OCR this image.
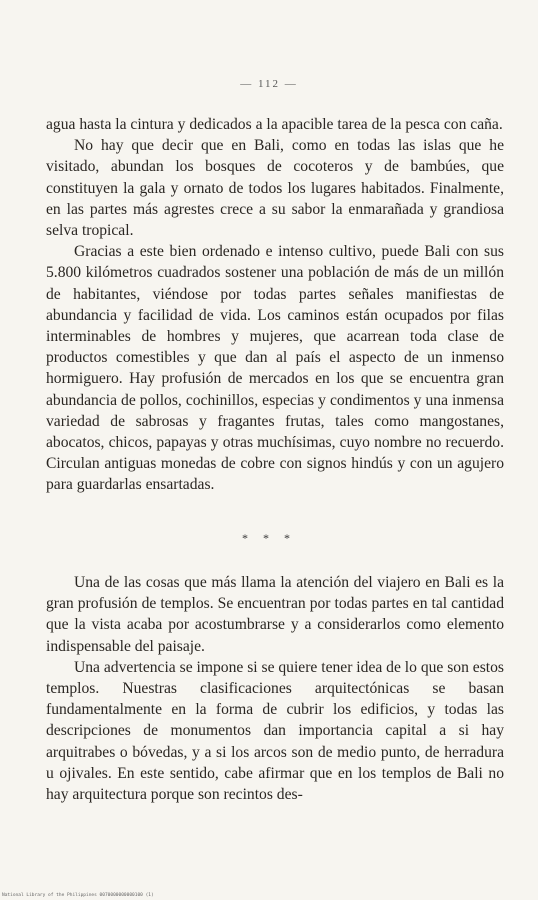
— 112 —

agua hasta la cintura y dedicados a la apacible tarea de la pesca con caña.

No hay que decir que en Bali, como en todas las islas que he visitado, abundan los bosques de cocoteros y de bambúes, que constituyen la gala y ornato de todos los lugares habitados. Finalmente, en las partes más agrestes crece a su sabor la enmarañada y grandiosa selva tropical.

Gracias a este bien ordenado e intenso cultivo, puede Bali con sus 5.800 kilómetros cuadrados sostener una población de más de un millón de habitantes, viéndose por todas partes señales manifiestas de abundancia y facilidad de vida. Los caminos están ocupados por filas interminables de hombres y mujeres, que acarrean toda clase de productos comestibles y que dan al país el aspecto de un inmenso hormiguero. Hay profusión de mercados en los que se encuentra gran abundancia de pollos, cochinillos, especias y condimentos y una inmensa variedad de sabrosas y fragantes frutas, tales como mangostanes, abocatos, chicos, papayas y otras muchísimas, cuyo nombre no recuerdo. Circulan antiguas monedas de cobre con signos hindús y con un agujero para guardarlas ensartadas.

* * *

Una de las cosas que más llama la atención del viajero en Bali es la gran profusión de templos. Se encuentran por todas partes en tal cantidad que la vista acaba por acostumbrarse y a considerarlos como elemento indispensable del paisaje.

Una advertencia se impone si se quiere tener idea de lo que son estos templos. Nuestras clasificaciones arquitectónicas se basan fundamentalmente en la forma de cubrir los edificios, y todas las descripciones de monumentos dan importancia capital a si hay arquitrabes o bóvedas, y a si los arcos son de medio punto, de herradura u ojivales. En este sentido, cabe afirmar que en los templos de Bali no hay arquitectura porque son recintos des-

National Library of the Philippines 0070000000000100 (1)
